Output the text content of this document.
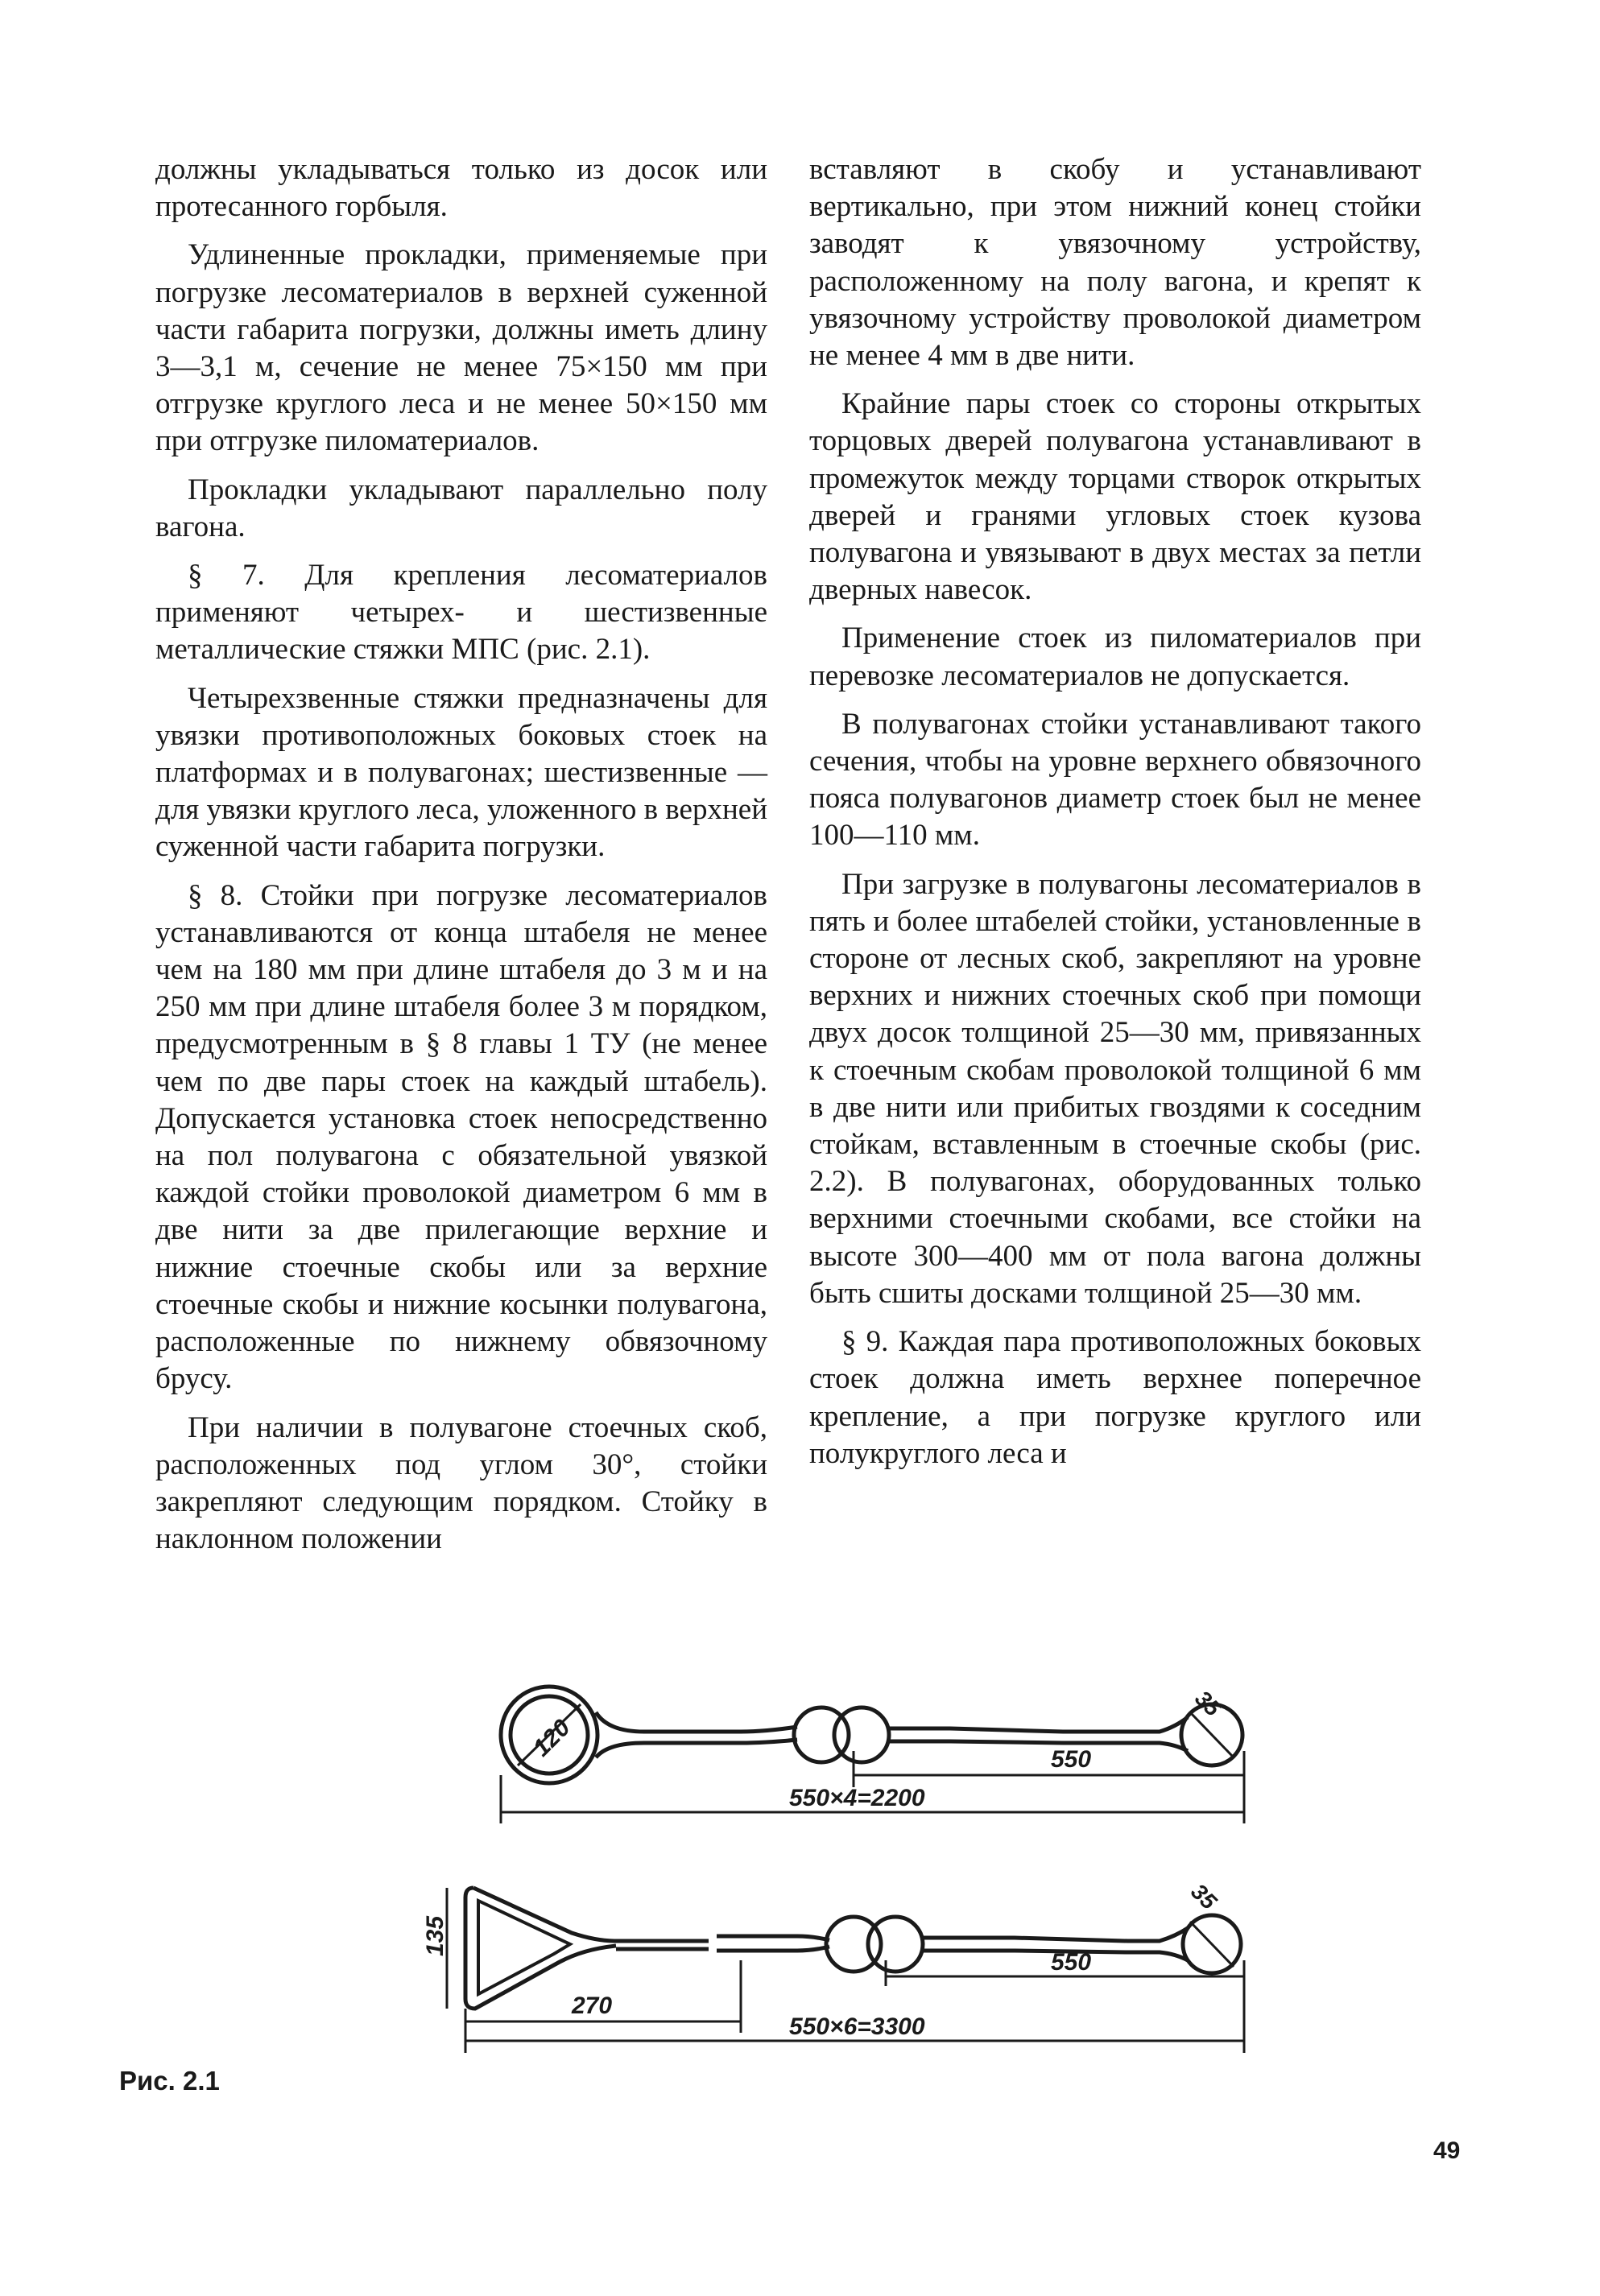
должны укладываться только из досок или протесанного горбыля.

Удлиненные прокладки, применяемые при погрузке лесоматериалов в верхней суженной части габарита погрузки, должны иметь длину 3—3,1 м, сечение не менее 75×150 мм при отгрузке круглого леса и не менее 50×150 мм при отгрузке пиломатериалов.

Прокладки укладывают параллельно полу вагона.

§ 7. Для крепления лесоматериалов применяют четырех- и шестизвенные металлические стяжки МПС (рис. 2.1).

Четырехзвенные стяжки предназначены для увязки противоположных боковых стоек на платформах и в полувагонах; шестизвенные — для увязки круглого леса, уложенного в верхней суженной части габарита погрузки.

§ 8. Стойки при погрузке лесоматериалов устанавливаются от конца штабеля не менее чем на 180 мм при длине штабеля до 3 м и на 250 мм при длине штабеля более 3 м порядком, предусмотренным в § 8 главы 1 ТУ (не менее чем по две пары стоек на каждый штабель). Допускается установка стоек непосредственно на пол полувагона с обязательной увязкой каждой стойки проволокой диаметром 6 мм в две нити за две прилегающие верхние и нижние стоечные скобы или за верхние стоечные скобы и нижние косынки полувагона, расположенные по нижнему обвязочному брусу.

При наличии в полувагоне стоечных скоб, расположенных под углом 30°, стойки закрепляют следующим порядком. Стойку в наклонном положении

вставляют в скобу и устанавливают вертикально, при этом нижний конец стойки заводят к увязочному устройству, расположенному на полу вагона, и крепят к увязочному устройству проволокой диаметром не менее 4 мм в две нити.

Крайние пары стоек со стороны открытых торцовых дверей полувагона устанавливают в промежуток между торцами створок открытых дверей и гранями угловых стоек кузова полувагона и увязывают в двух местах за петли дверных навесок.

Применение стоек из пиломатериалов при перевозке лесоматериалов не допускается.

В полувагонах стойки устанавливают такого сечения, чтобы на уровне верхнего обвязочного пояса полувагонов диаметр стоек был не менее 100—110 мм.

При загрузке в полувагоны лесоматериалов в пять и более штабелей стойки, установленные в стороне от лесных скоб, закрепляют на уровне верхних и нижних стоечных скоб при помощи двух досок толщиной 25—30 мм, привязанных к стоечным скобам проволокой толщиной 6 мм в две нити или прибитых гвоздями к соседним стойкам, вставленным в стоечные скобы (рис. 2.2). В полувагонах, оборудованных только верхними стоечными скобами, все стойки на высоте 300—400 мм от пола вагона должны быть сшиты досками толщиной 25—30 мм.

§ 9. Каждая пара противоположных боковых стоек должна иметь верхнее поперечное крепление, а при погрузке круглого или полукруглого леса и

120
35
550
550×4=2200
135
35
270
550
550×6=3300
Рис. 2.1
49
